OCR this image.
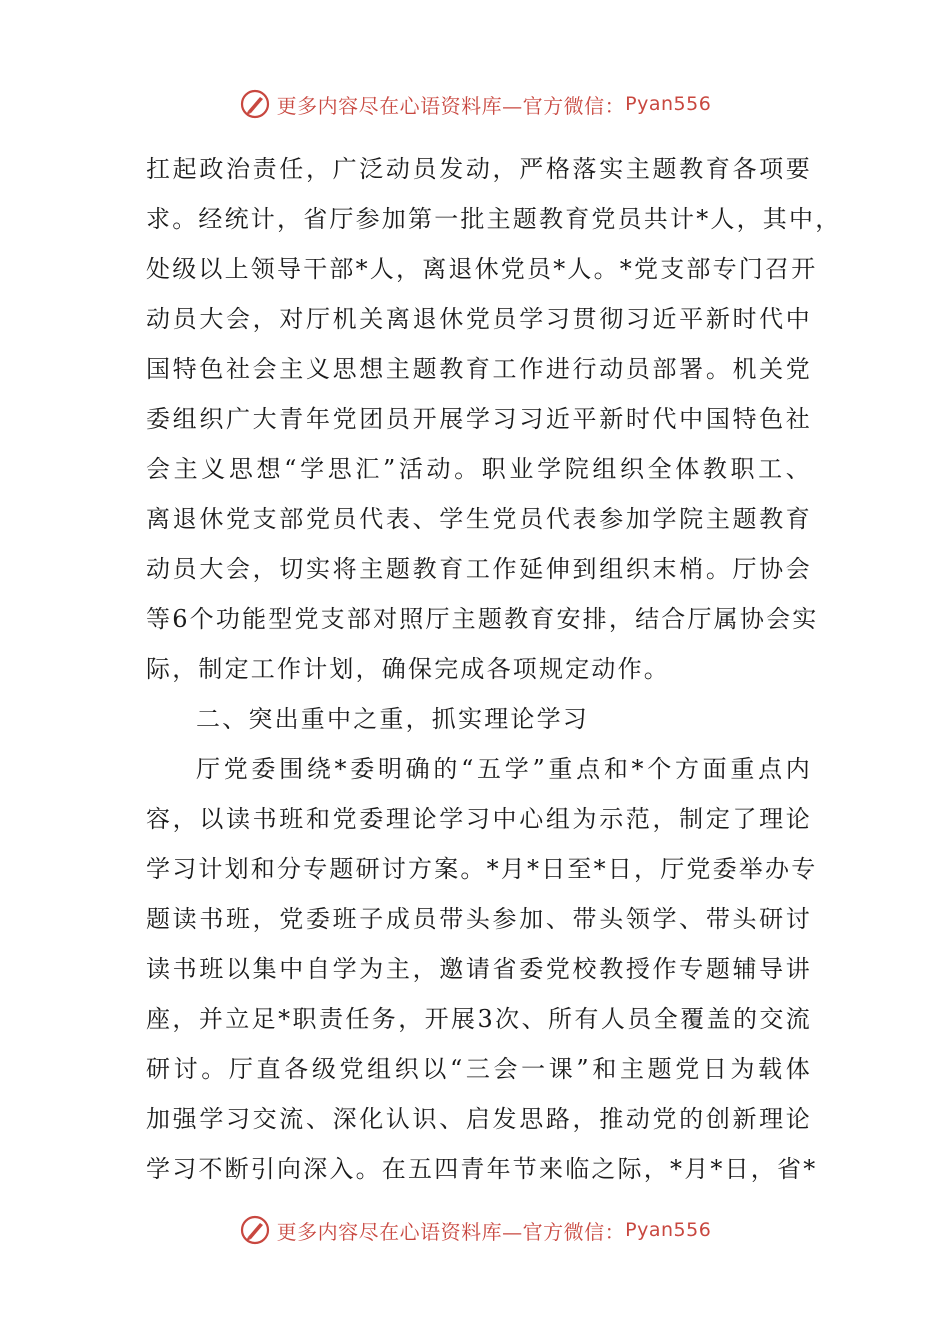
更多内容尽在心语资料库—官方微信： Pyan556
扛起政治责任，广泛动员发动，严格落实主题教育各项要
求。经统计，省厅参加第一批主题教育党员共计*人，其中，
处级以上领导干部*人，离退休党员*人。*党支部专门召开
动员大会，对厅机关离退休党员学习贯彻习近平新时代中
国特色社会主义思想主题教育工作进行动员部署。机关党
委组织广大青年党团员开展学习习近平新时代中国特色社
会主义思想“学思汇”活动。职业学院组织全体教职工、
离退休党支部党员代表、学生党员代表参加学院主题教育
动员大会，切实将主题教育工作延伸到组织末梢。厅协会
等6个功能型党支部对照厅主题教育安排，结合厅属协会实
际，制定工作计划，确保完成各项规定动作。
二、突出重中之重，抓实理论学习
厅党委围绕*委明确的“五学”重点和*个方面重点内
容，以读书班和党委理论学习中心组为示范，制定了理论
学习计划和分专题研讨方案。*月*日至*日，厅党委举办专
题读书班，党委班子成员带头参加、带头领学、带头研讨
读书班以集中自学为主，邀请省委党校教授作专题辅导讲
座，并立足*职责任务，开展3次、所有人员全覆盖的交流
研讨。厅直各级党组织以“三会一课”和主题党日为载体
加强学习交流、深化认识、启发思路，推动党的创新理论
学习不断引向深入。在五四青年节来临之际，*月*日，省*
更多内容尽在心语资料库—官方微信： Pyan556
